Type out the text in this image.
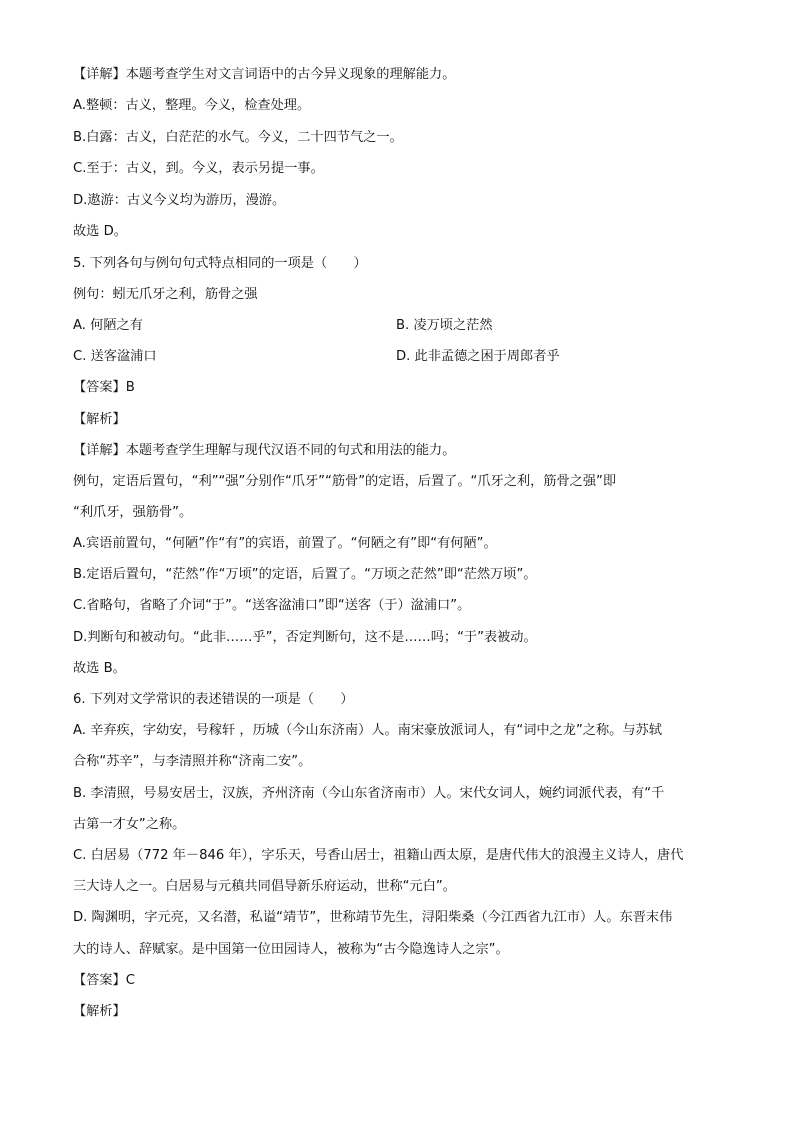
【详解】本题考查学生对文言词语中的古今异义现象的理解能力。
A.整顿：古义，整理。今义，检查处理。
B.白露：古义，白茫茫的水气。今义，二十四节气之一。
C.至于：古义，到。今义，表示另提一事。
D.遨游：古义今义均为游历，漫游。
故选 D。
5. 下列各句与例句句式特点相同的一项是（　　）
例句：蚓无爪牙之利，筋骨之强
A. 何陋之有	B. 凌万顷之茫然
C. 送客湓浦口	D. 此非孟德之困于周郎者乎
【答案】B
【解析】
【详解】本题考查学生理解与现代汉语不同的句式和用法的能力。
例句，定语后置句，“利”“强”分别作“爪牙”“筋骨”的定语，后置了。“爪牙之利，筋骨之强”即
“利爪牙，强筋骨”。
A.宾语前置句，“何陋”作“有”的宾语，前置了。“何陋之有”即“有何陋”。
B.定语后置句，“茫然”作“万顷”的定语，后置了。“万顷之茫然”即“茫然万顷”。
C.省略句，省略了介词“于”。“送客湓浦口”即“送客（于）湓浦口”。
D.判断句和被动句。“此非……乎”，否定判断句，这不是……吗；“于”表被动。
故选 B。
6. 下列对文学常识的表述错误的一项是（　　）
A. 辛弃疾，字幼安，号稼轩 ，历城（今山东济南）人。南宋豪放派词人，有“词中之龙”之称。与苏轼
合称“苏辛”，与李清照并称“济南二安”。
B. 李清照，号易安居士，汉族，齐州济南（今山东省济南市）人。宋代女词人，婉约词派代表，有“千
古第一才女”之称。
C. 白居易（772 年－846 年），字乐天，号香山居士，祖籍山西太原，是唐代伟大的浪漫主义诗人，唐代
三大诗人之一。白居易与元稹共同倡导新乐府运动，世称“元白”。
D. 陶渊明，字元亮，又名潜，私谥“靖节”，世称靖节先生，浔阳柴桑（今江西省九江市）人。东晋末伟
大的诗人、辞赋家。是中国第一位田园诗人，被称为“古今隐逸诗人之宗”。
【答案】C
【解析】
